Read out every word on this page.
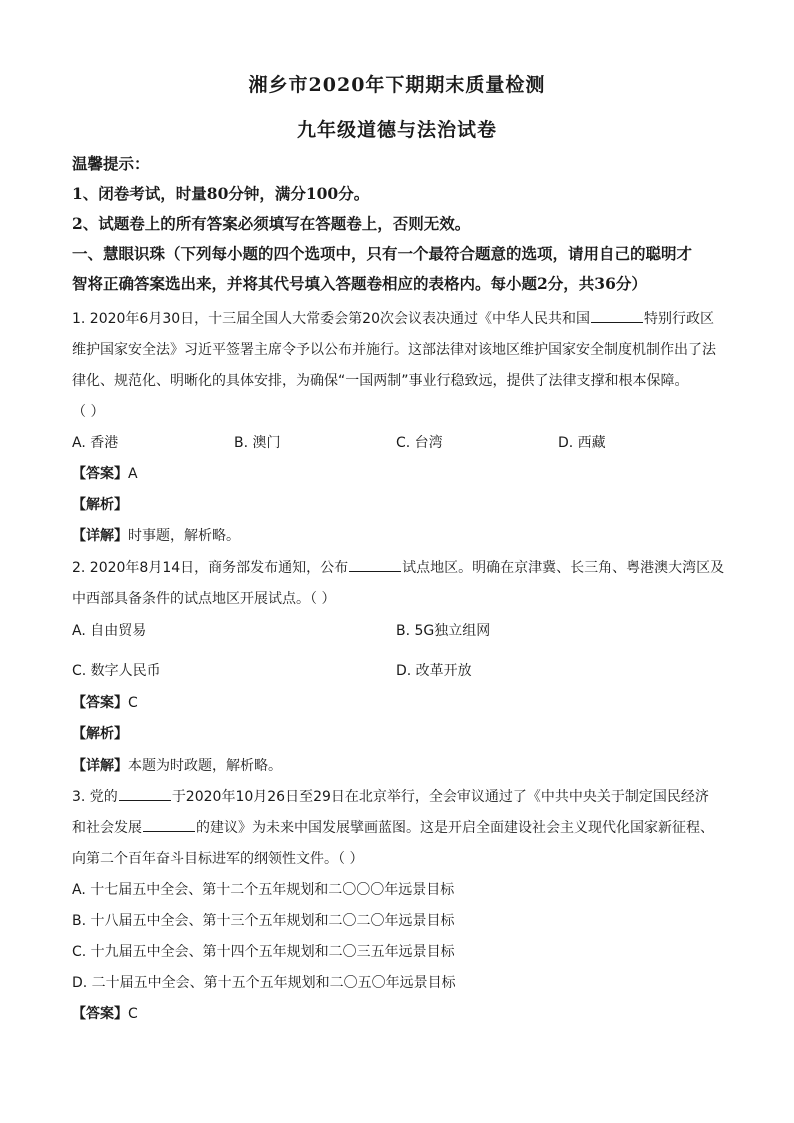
湘乡市2020年下期期末质量检测
九年级道德与法治试卷
温馨提示：
1、闭卷考试，时量80分钟，满分100分。
2、试题卷上的所有答案必须填写在答题卷上，否则无效。
一、慧眼识珠（下列每小题的四个选项中，只有一个最符合题意的选项，请用自己的聪明才
智将正确答案选出来，并将其代号填入答题卷相应的表格内。每小题2分，共36分）
1. 2020年6月30日，十三届全国人大常委会第20次会议表决通过《中华人民共和国	特别行政区
维护国家安全法》习近平签署主席令予以公布并施行。这部法律对该地区维护国家安全制度机制作出了法
律化、规范化、明晰化的具体安排，为确保“一国两制”事业行稳致远，提供了法律支撑和根本保障。
（ ）
A. 香港	B. 澳门	C. 台湾	D. 西藏
【答案】A
【解析】
【详解】时事题，解析略。
2. 2020年8月14日，商务部发布通知，公布	试点地区。明确在京津冀、长三角、粤港澳大湾区及
中西部具备条件的试点地区开展试点。（ ）
A. 自由贸易	B. 5G独立组网
C. 数字人民币	D. 改革开放
【答案】C
【解析】
【详解】本题为时政题，解析略。
3. 党的	于2020年10月26日至29日在北京举行，全会审议通过了《中共中央关于制定国民经济
和社会发展	的建议》为未来中国发展擘画蓝图。这是开启全面建设社会主义现代化国家新征程、
向第二个百年奋斗目标进军的纲领性文件。（ ）
A. 十七届五中全会、第十二个五年规划和二〇〇〇年远景目标
B. 十八届五中全会、第十三个五年规划和二〇二〇年远景目标
C. 十九届五中全会、第十四个五年规划和二〇三五年远景目标
D. 二十届五中全会、第十五个五年规划和二〇五〇年远景目标
【答案】C
